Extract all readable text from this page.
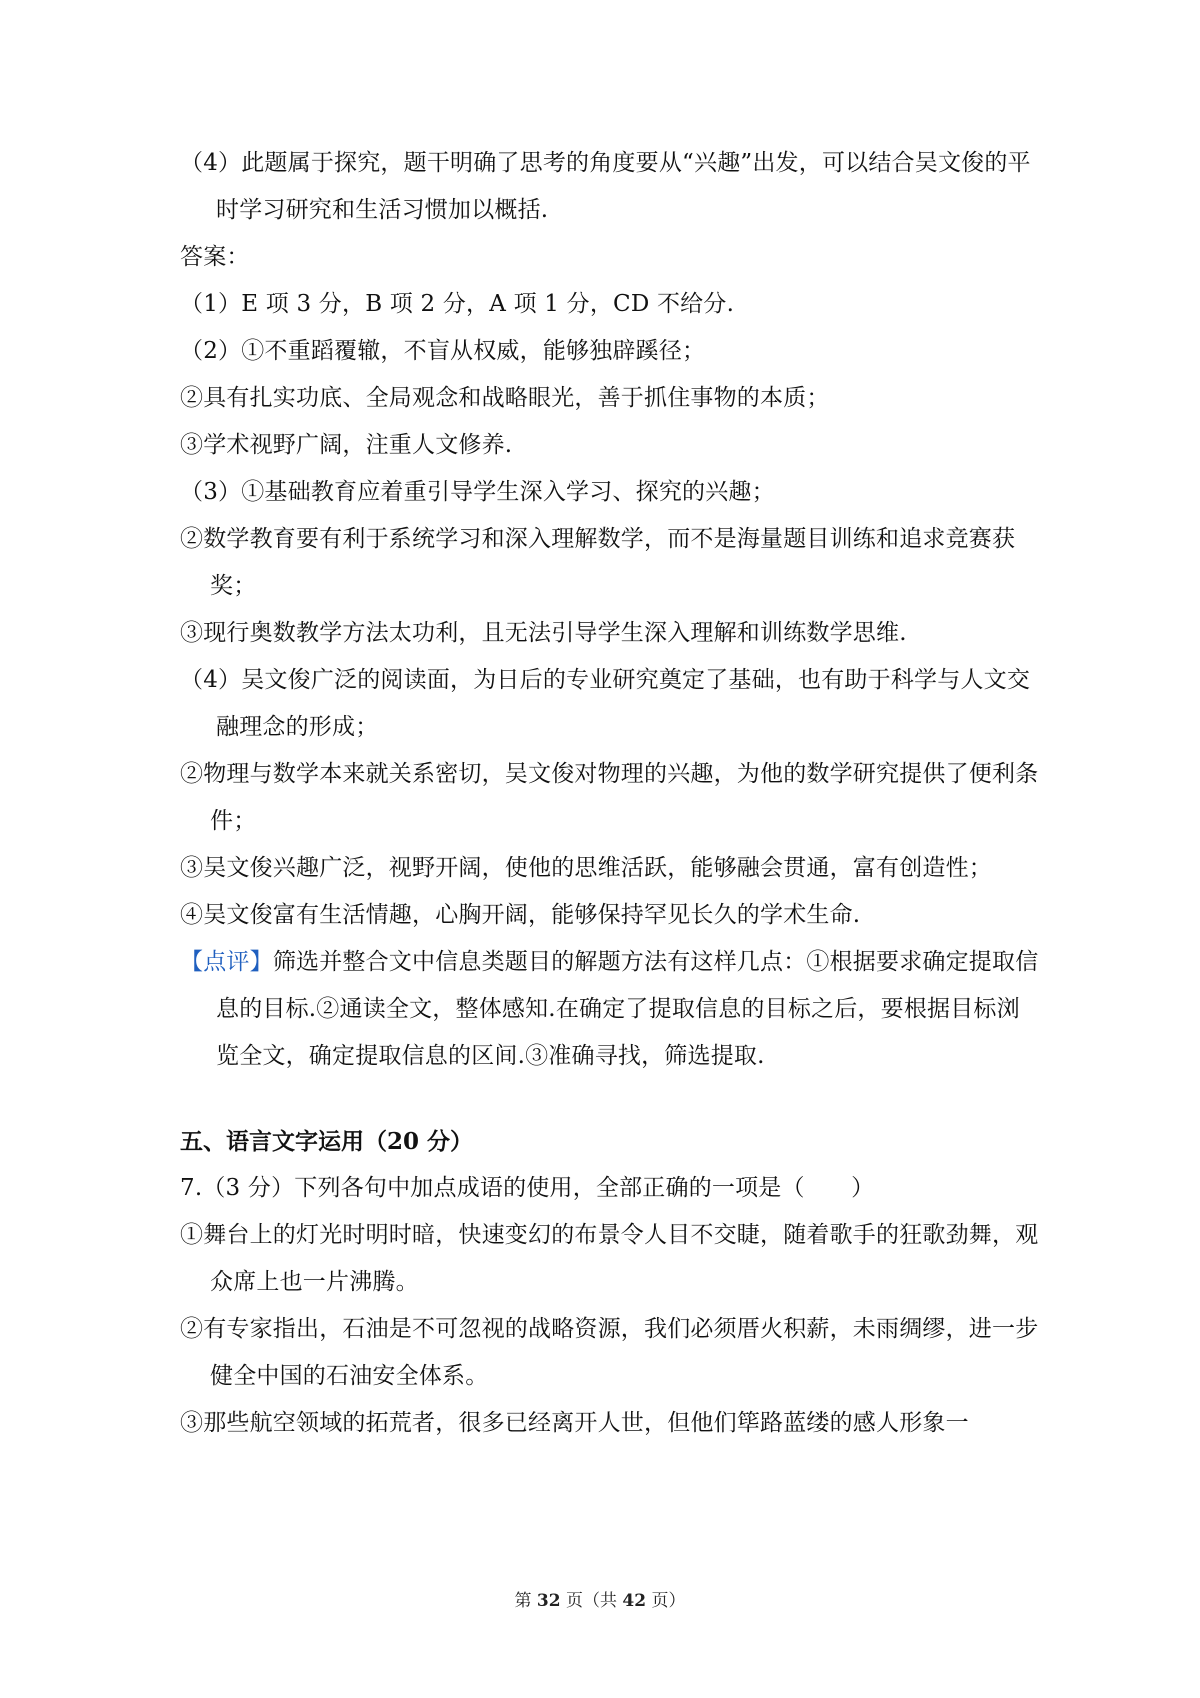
（4）此题属于探究，题干明确了思考的角度要从“兴趣”出发，可以结合吴文俊的平时学习研究和生活习惯加以概括.
答案：
（1）E 项 3 分，B 项 2 分，A 项 1 分，CD 不给分.
（2）①不重蹈覆辙，不盲从权威，能够独辟蹊径；
②具有扎实功底、全局观念和战略眼光，善于抓住事物的本质；
③学术视野广阔，注重人文修养.
（3）①基础教育应着重引导学生深入学习、探究的兴趣；
②数学教育要有利于系统学习和深入理解数学，而不是海量题目训练和追求竞赛获奖；
③现行奥数教学方法太功利，且无法引导学生深入理解和训练数学思维.
（4）吴文俊广泛的阅读面，为日后的专业研究奠定了基础，也有助于科学与人文交融理念的形成；
②物理与数学本来就关系密切，吴文俊对物理的兴趣，为他的数学研究提供了便利条件；
③吴文俊兴趣广泛，视野开阔，使他的思维活跃，能够融会贯通，富有创造性；
④吴文俊富有生活情趣，心胸开阔，能够保持罕见长久的学术生命.
【点评】筛选并整合文中信息类题目的解题方法有这样几点：①根据要求确定提取信息的目标.②通读全文，整体感知.在确定了提取信息的目标之后，要根据目标浏览全文，确定提取信息的区间.③准确寻找，筛选提取.
五、语言文字运用（20 分）
7.（3 分）下列各句中加点成语的使用，全部正确的一项是（　　）
①舞台上的灯光时明时暗，快速变幻的布景令人目不交睫，随着歌手的狂歌劲舞，观众席上也一片沸腾。
②有专家指出，石油是不可忽视的战略资源，我们必须厝火积薪，未雨绸缪，进一步健全中国的石油安全体系。
③那些航空领域的拓荒者，很多已经离开人世，但他们筚路蓝缕的感人形象一
第 32 页（共 42 页）
